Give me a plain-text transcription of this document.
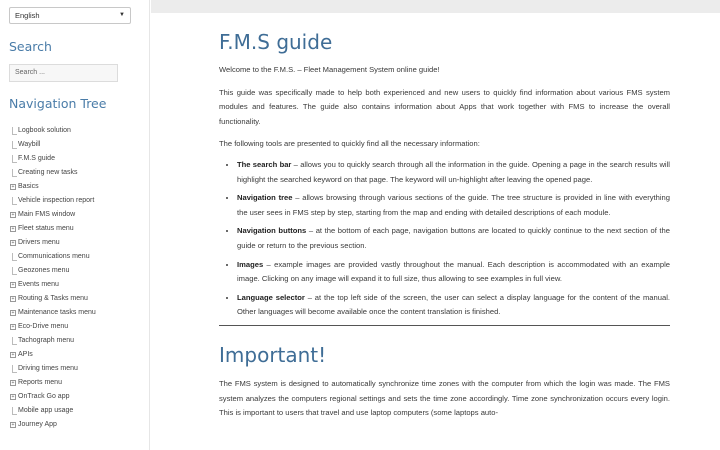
English	▼
Search
Search ...
Navigation Tree
Logbook solution
Waybill
F.M.S guide
Creating new tasks
+ Basics
Vehicle inspection report
+ Main FMS window
+ Fleet status menu
+ Drivers menu
Communications menu
Geozones menu
+ Events menu
+ Routing & Tasks menu
+ Maintenance tasks menu
+ Eco-Drive menu
Tachograph menu
+ APIs
Driving times menu
+ Reports menu
+ OnTrack Go app
Mobile app usage
+ Journey App
F.M.S guide

Welcome to the F.M.S. – Fleet Management System online guide!

This guide was specifically made to help both experienced and new users to quickly find information about various FMS system modules and features. The guide also contains information about Apps that work together with FMS to increase the overall functionality.

The following tools are presented to quickly find all the necessary information:

• The search bar – allows you to quickly search through all the information in the guide. Opening a page in the search results will highlight the searched keyword on that page. The keyword will un-highlight after leaving the opened page.
• Navigation tree – allows browsing through various sections of the guide. The tree structure is provided in line with everything the user sees in FMS step by step, starting from the map and ending with detailed descriptions of each module.
• Navigation buttons – at the bottom of each page, navigation buttons are located to quickly continue to the next section of the guide or return to the previous section.
• Images – example images are provided vastly throughout the manual. Each description is accommodated with an example image. Clicking on any image will expand it to full size, thus allowing to see examples in full view.
• Language selector – at the top left side of the screen, the user can select a display language for the content of the manual. Other languages will become available once the content translation is finished.
Important!

The FMS system is designed to automatically synchronize time zones with the computer from which the login was made. The FMS system analyzes the computers regional settings and sets the time zone accordingly. Time zone synchronization occurs every login. This is important to users that travel and use laptop computers (some laptops auto-
